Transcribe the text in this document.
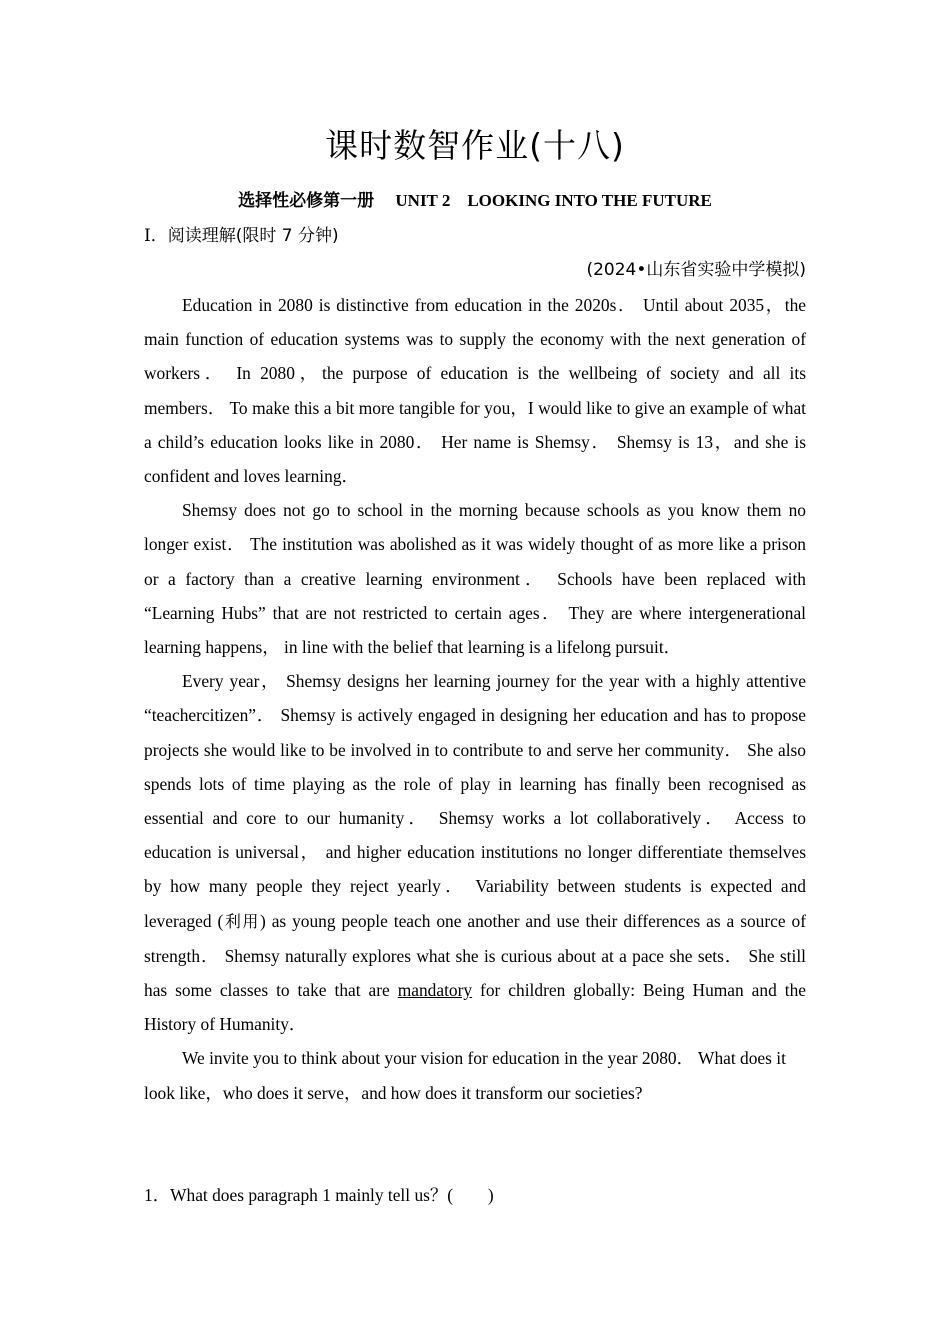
课时数智作业(十八)
选择性必修第一册　 UNIT 2　LOOKING INTO THE FUTURE
Ⅰ．阅读理解(限时 7 分钟)
(2024•山东省实验中学模拟)

Education in 2080 is distinctive from education in the 2020s． Until about 2035，the main function of education systems was to supply the economy with the next generation of workers． In 2080，the purpose of education is the wellbeing of society and all its members． To make this a bit more tangible for you，I would like to give an example of what a child’s education looks like in 2080． Her name is Shemsy． Shemsy is 13，and she is confident and loves learning．

Shemsy does not go to school in the morning because schools as you know them no longer exist． The institution was abolished as it was widely thought of as more like a prison or a factory than a creative learning environment． Schools have been replaced with “Learning Hubs” that are not restricted to certain ages． They are where intergenerational learning happens， in line with the belief that learning is a lifelong pursuit．

Every year， Shemsy designs her learning journey for the year with a highly attentive “teachercitizen”． Shemsy is actively engaged in designing her education and has to propose projects she would like to be involved in to contribute to and serve her community． She also spends lots of time playing as the role of play in learning has finally been recognised as essential and core to our humanity． Shemsy works a lot collaboratively． Access to education is universal， and higher education institutions no longer differentiate themselves by how many people they reject yearly． Variability between students is expected and leveraged (利用) as young people teach one another and use their differences as a source of strength． Shemsy naturally explores what she is curious about at a pace she sets． She still has some classes to take that are mandatory for children globally: Being Human and the History of Humanity．

We invite you to think about your vision for education in the year 2080． What does it look like，who does it serve，and how does it transform our societies?

1．What does paragraph 1 mainly tell us？(　　)
